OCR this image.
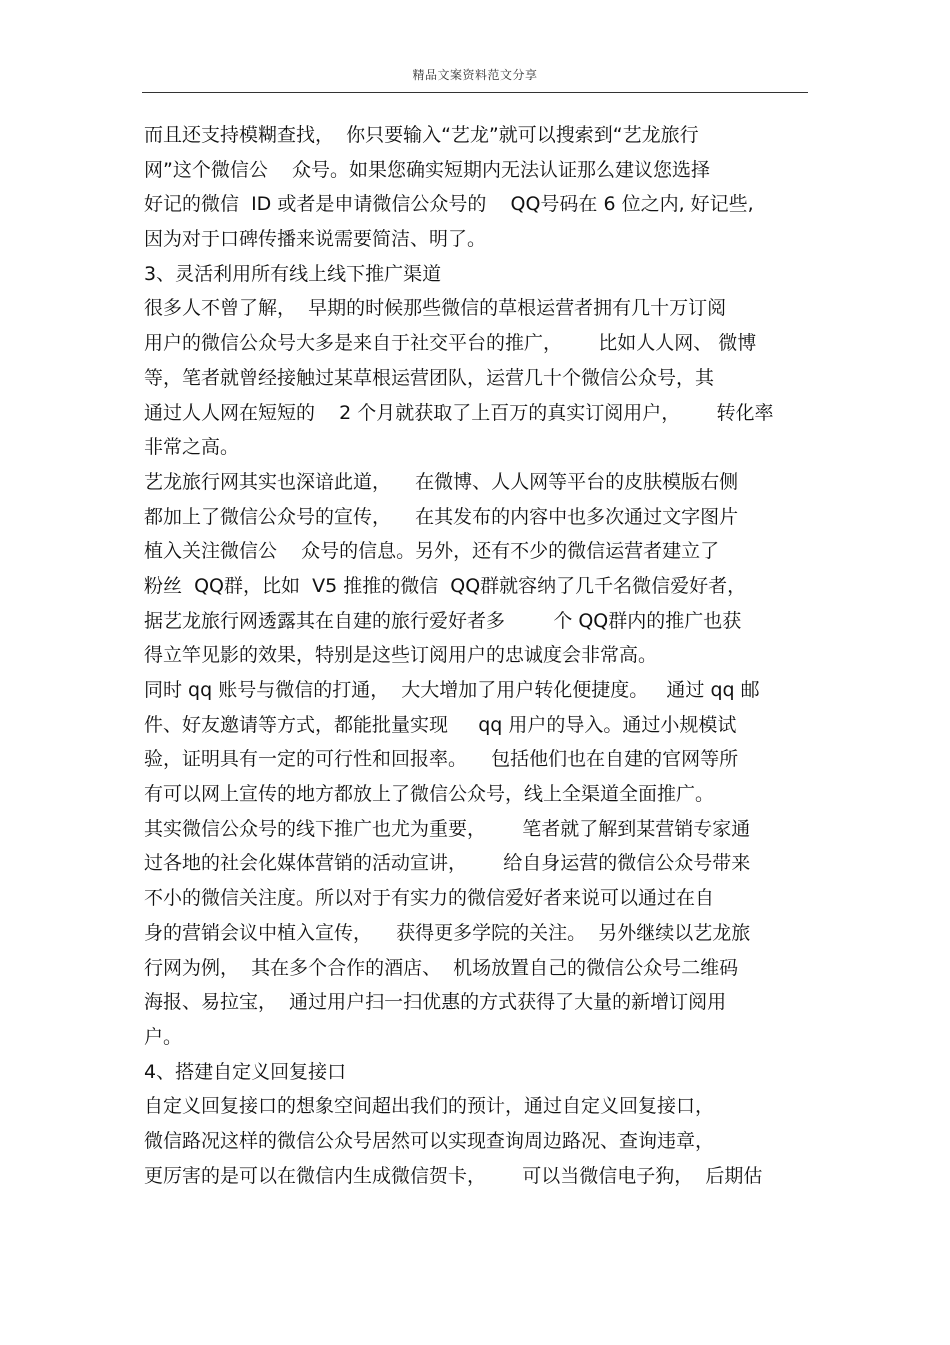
精品文案资料范文分享
而且还支持模糊查找，  你只要输入“艺龙”就可以搜索到“艺龙旅行
网”这个微信公    众号。如果您确实短期内无法认证那么建议您选择
好记的微信  ID 或者是申请微信公众号的    QQ号码在 6 位之内, 好记些,
因为对于口碑传播来说需要简洁、明了。
3、灵活利用所有线上线下推广渠道
很多人不曾了解，  早期的时候那些微信的草根运营者拥有几十万订阅
用户的微信公众号大多是来自于社交平台的推广，      比如人人网、 微博
等，笔者就曾经接触过某草根运营团队，运营几十个微信公众号，其
通过人人网在短短的    2 个月就获取了上百万的真实订阅用户，      转化率
非常之高。
艺龙旅行网其实也深谙此道，    在微博、人人网等平台的皮肤模版右侧
都加上了微信公众号的宣传，    在其发布的内容中也多次通过文字图片
植入关注微信公    众号的信息。另外，还有不少的微信运营者建立了
粉丝  QQ群，比如  V5 推推的微信  QQ群就容纳了几千名微信爱好者，
据艺龙旅行网透露其在自建的旅行爱好者多        个 QQ群内的推广也获
得立竿见影的效果，特别是这些订阅用户的忠诚度会非常高。
同时 qq 账号与微信的打通，  大大增加了用户转化便捷度。   通过 qq 邮
件、好友邀请等方式，都能批量实现     qq 用户的导入。通过小规模试
验，证明具有一定的可行性和回报率。    包括他们也在自建的官网等所
有可以网上宣传的地方都放上了微信公众号，线上全渠道全面推广。
其实微信公众号的线下推广也尤为重要，      笔者就了解到某营销专家通
过各地的社会化媒体营销的活动宣讲，      给自身运营的微信公众号带来
不小的微信关注度。所以对于有实力的微信爱好者来说可以通过在自
身的营销会议中植入宣传，    获得更多学院的关注。  另外继续以艺龙旅
行网为例，  其在多个合作的酒店、  机场放置自己的微信公众号二维码
海报、易拉宝，  通过用户扫一扫优惠的方式获得了大量的新增订阅用
户。
4、搭建自定义回复接口
自定义回复接口的想象空间超出我们的预计，通过自定义回复接口，
微信路况这样的微信公众号居然可以实现查询周边路况、查询违章，
更厉害的是可以在微信内生成微信贺卡，      可以当微信电子狗，  后期估
